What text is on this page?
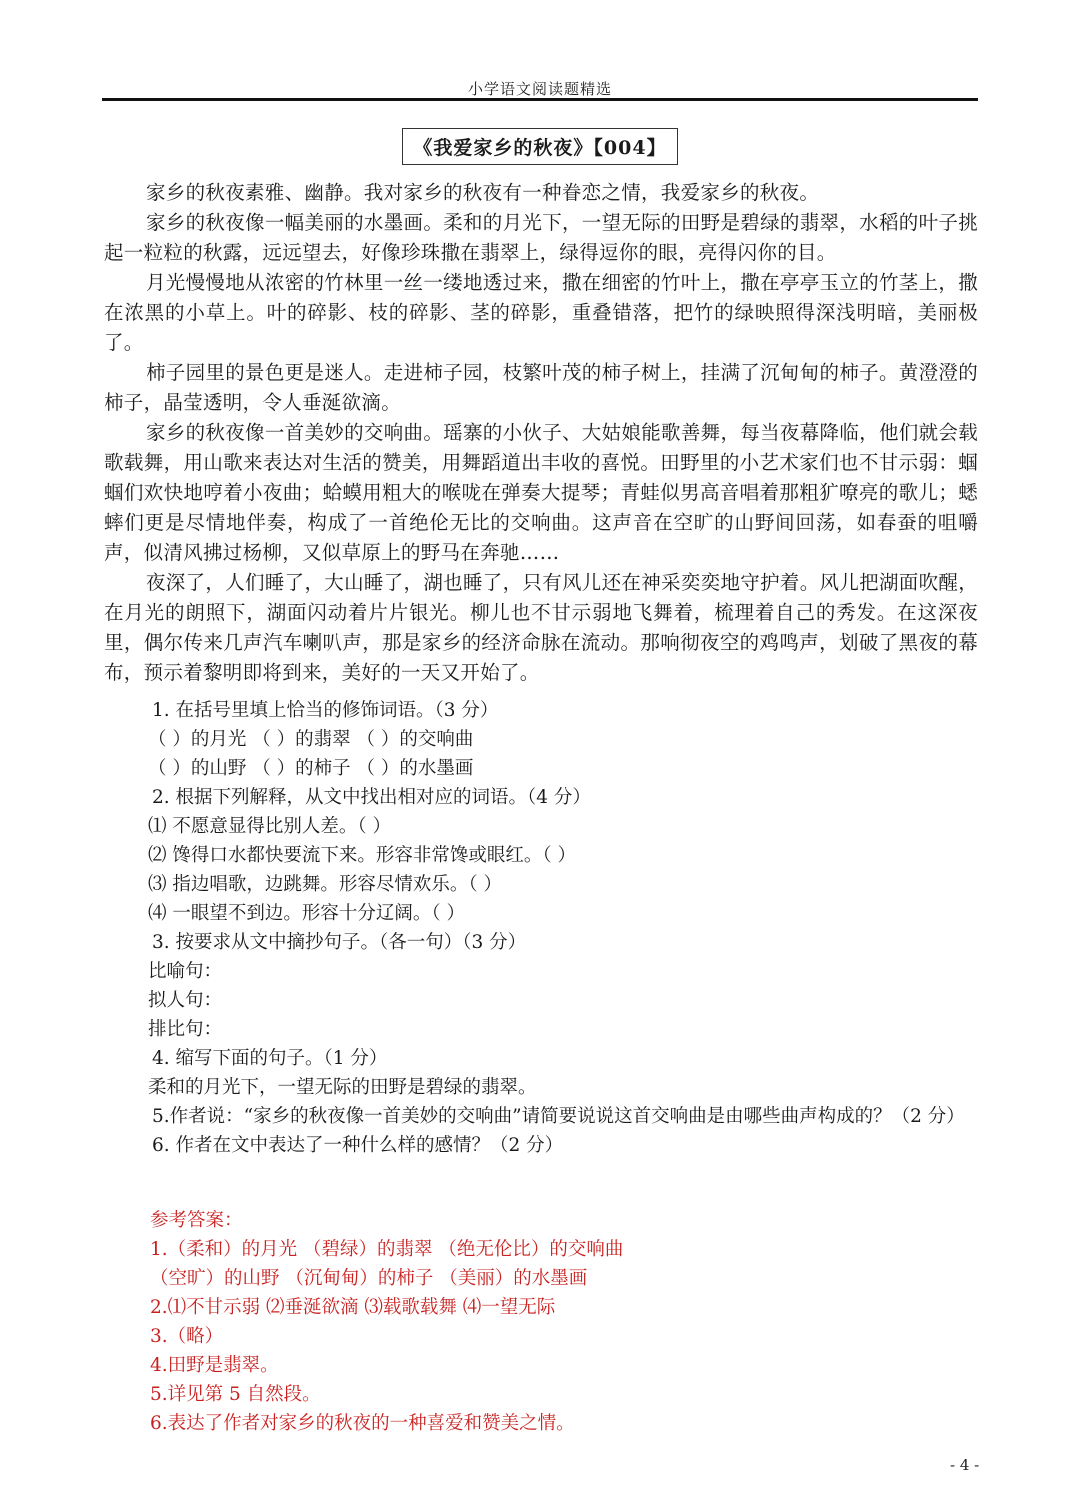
小学语文阅读题精选
《我爱家乡的秋夜》【004】

家乡的秋夜素雅、幽静。我对家乡的秋夜有一种眷恋之情，我爱家乡的秋夜。

家乡的秋夜像一幅美丽的水墨画。柔和的月光下，一望无际的田野是碧绿的翡翠，水稻的叶子挑起一粒粒的秋露，远远望去，好像珍珠撒在翡翠上，绿得逗你的眼，亮得闪你的目。

月光慢慢地从浓密的竹林里一丝一缕地透过来，撒在细密的竹叶上，撒在亭亭玉立的竹茎上，撒在浓黑的小草上。叶的碎影、枝的碎影、茎的碎影，重叠错落，把竹的绿映照得深浅明暗，美丽极了。

柿子园里的景色更是迷人。走进柿子园，枝繁叶茂的柿子树上，挂满了沉甸甸的柿子。黄澄澄的柿子，晶莹透明，令人垂涎欲滴。

家乡的秋夜像一首美妙的交响曲。瑶寨的小伙子、大姑娘能歌善舞，每当夜幕降临，他们就会载歌载舞，用山歌来表达对生活的赞美，用舞蹈道出丰收的喜悦。田野里的小艺术家们也不甘示弱：蝈蝈们欢快地哼着小夜曲；蛤蟆用粗大的喉咙在弹奏大提琴；青蛙似男高音唱着那粗犷嘹亮的歌儿；蟋蟀们更是尽情地伴奏，构成了一首绝伦无比的交响曲。这声音在空旷的山野间回荡，如春蚕的咀嚼声，似清风拂过杨柳，又似草原上的野马在奔驰……

夜深了，人们睡了，大山睡了，湖也睡了，只有风儿还在神采奕奕地守护着。风儿把湖面吹醒，在月光的朗照下，湖面闪动着片片银光。柳儿也不甘示弱地飞舞着，梳理着自己的秀发。在这深夜里，偶尔传来几声汽车喇叭声，那是家乡的经济命脉在流动。那响彻夜空的鸡鸣声，划破了黑夜的幕布，预示着黎明即将到来，美好的一天又开始了。

1. 在括号里填上恰当的修饰词语。（3 分）

（ ）的月光 （ ）的翡翠 （ ）的交响曲

（ ）的山野 （ ）的柿子 （ ）的水墨画

2. 根据下列解释，从文中找出相对应的词语。（4 分）

⑴ 不愿意显得比别人差。（ ）

⑵ 馋得口水都快要流下来。形容非常馋或眼红。（ ）

⑶ 指边唱歌，边跳舞。形容尽情欢乐。（ ）

⑷ 一眼望不到边。形容十分辽阔。（ ）

3. 按要求从文中摘抄句子。（各一句）（3 分）

比喻句：

拟人句：

排比句：

4. 缩写下面的句子。（1 分）

柔和的月光下，一望无际的田野是碧绿的翡翠。

5.作者说：“家乡的秋夜像一首美妙的交响曲”请简要说说这首交响曲是由哪些曲声构成的？（2 分）

6. 作者在文中表达了一种什么样的感情？（2 分）

参考答案：

1.（柔和）的月光 （碧绿）的翡翠 （绝无伦比）的交响曲

（空旷）的山野 （沉甸甸）的柿子 （美丽）的水墨画

2.⑴不甘示弱 ⑵垂涎欲滴 ⑶载歌载舞 ⑷一望无际

3.（略）

4.田野是翡翠。

5.详见第 5 自然段。

6.表达了作者对家乡的秋夜的一种喜爱和赞美之情。

- 4 -
